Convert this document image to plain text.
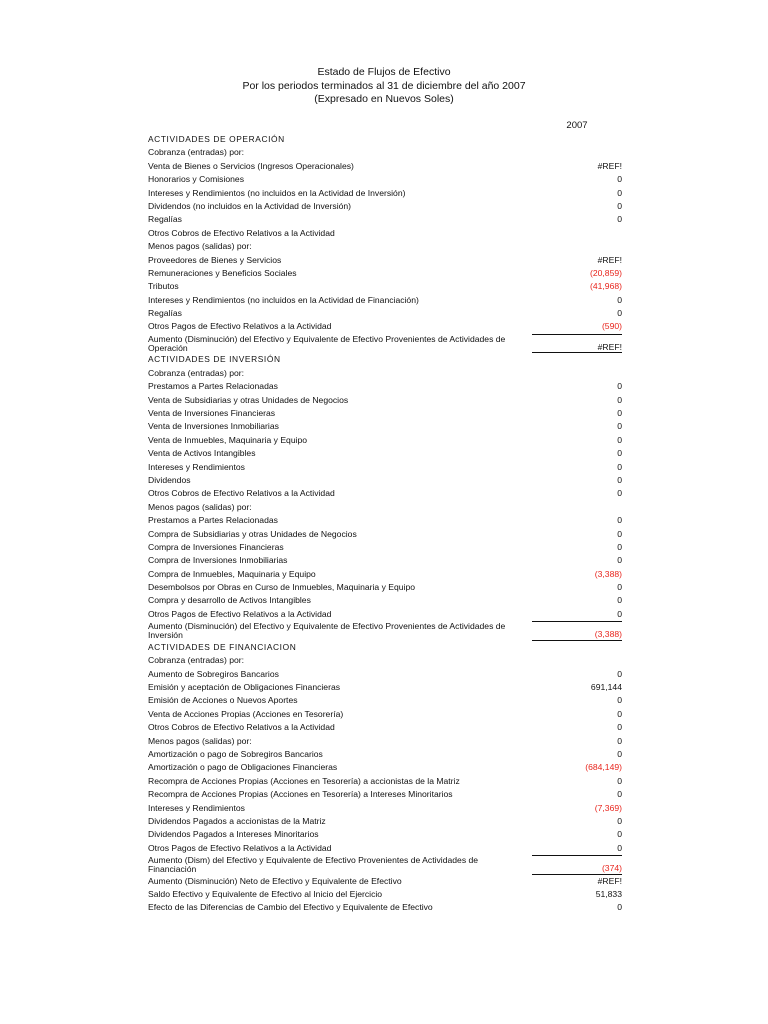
Estado de Flujos de Efectivo
Por los periodos terminados al 31 de diciembre del año 2007
(Expresado en Nuevos Soles)
2007
ACTIVIDADES DE OPERACIÓN
Cobranza (entradas) por:
Venta de Bienes o Servicios (Ingresos Operacionales)	#REF!
Honorarios y Comisiones	0
Intereses y Rendimientos (no incluidos en la Actividad de Inversión)	0
Dividendos (no incluidos en la Actividad de Inversión)	0
Regalías	0
Otros Cobros de Efectivo Relativos a la Actividad
Menos pagos (salidas) por:
Proveedores de Bienes y Servicios	#REF!
Remuneraciones y Beneficios Sociales	(20,859)
Tributos	(41,968)
Intereses y Rendimientos (no incluidos en la Actividad de Financiación)	0
Regalías	0
Otros Pagos de Efectivo Relativos a la Actividad	(590)
Aumento (Disminución) del Efectivo y Equivalente de Efectivo Provenientes de Actividades de Operación	#REF!
ACTIVIDADES DE INVERSIÓN
Cobranza (entradas) por:
Prestamos a Partes Relacionadas	0
Venta de Subsidiarias y otras Unidades de Negocios	0
Venta de Inversiones Financieras	0
Venta de Inversiones Inmobiliarias	0
Venta de Inmuebles, Maquinaria y Equipo	0
Venta de Activos Intangibles	0
Intereses y Rendimientos	0
Dividendos	0
Otros Cobros de Efectivo Relativos a la Actividad	0
Menos pagos (salidas) por:
Prestamos a Partes Relacionadas	0
Compra de Subsidiarias y otras Unidades de Negocios	0
Compra de Inversiones Financieras	0
Compra de Inversiones Inmobiliarias	0
Compra de Inmuebles, Maquinaria y Equipo	(3,388)
Desembolsos por Obras en Curso de Inmuebles, Maquinaria y Equipo	0
Compra y desarrollo de Activos Intangibles	0
Otros Pagos de Efectivo Relativos a la Actividad	0
Aumento (Disminución) del Efectivo y Equivalente de Efectivo Provenientes de Actividades de Inversión	(3,388)
ACTIVIDADES DE FINANCIACION
Cobranza (entradas) por:
Aumento de Sobregiros Bancarios	0
Emisión y aceptación de Obligaciones Financieras	691,144
Emisión de Acciones o Nuevos Aportes	0
Venta de Acciones Propias (Acciones en Tesorería)	0
Otros Cobros de Efectivo Relativos a la Actividad	0
Menos pagos (salidas) por:	0
Amortización o pago de Sobregiros Bancarios	0
Amortización o pago de Obligaciones Financieras	(684,149)
Recompra de Acciones Propias (Acciones en Tesorería) a accionistas de la Matriz	0
Recompra de Acciones Propias (Acciones en Tesorería) a Intereses Minoritarios	0
Intereses y Rendimientos	(7,369)
Dividendos Pagados a accionistas de la Matriz	0
Dividendos Pagados a Intereses Minoritarios	0
Otros Pagos de Efectivo Relativos a la Actividad	0
Aumento (Dism) del Efectivo y Equivalente de Efectivo Provenientes de Actividades de Financiación	(374)
Aumento (Disminución) Neto de Efectivo y Equivalente de Efectivo	#REF!
Saldo Efectivo y Equivalente de Efectivo al Inicio del Ejercicio	51,833
Efecto de las Diferencias de Cambio del Efectivo y Equivalente de Efectivo	0
